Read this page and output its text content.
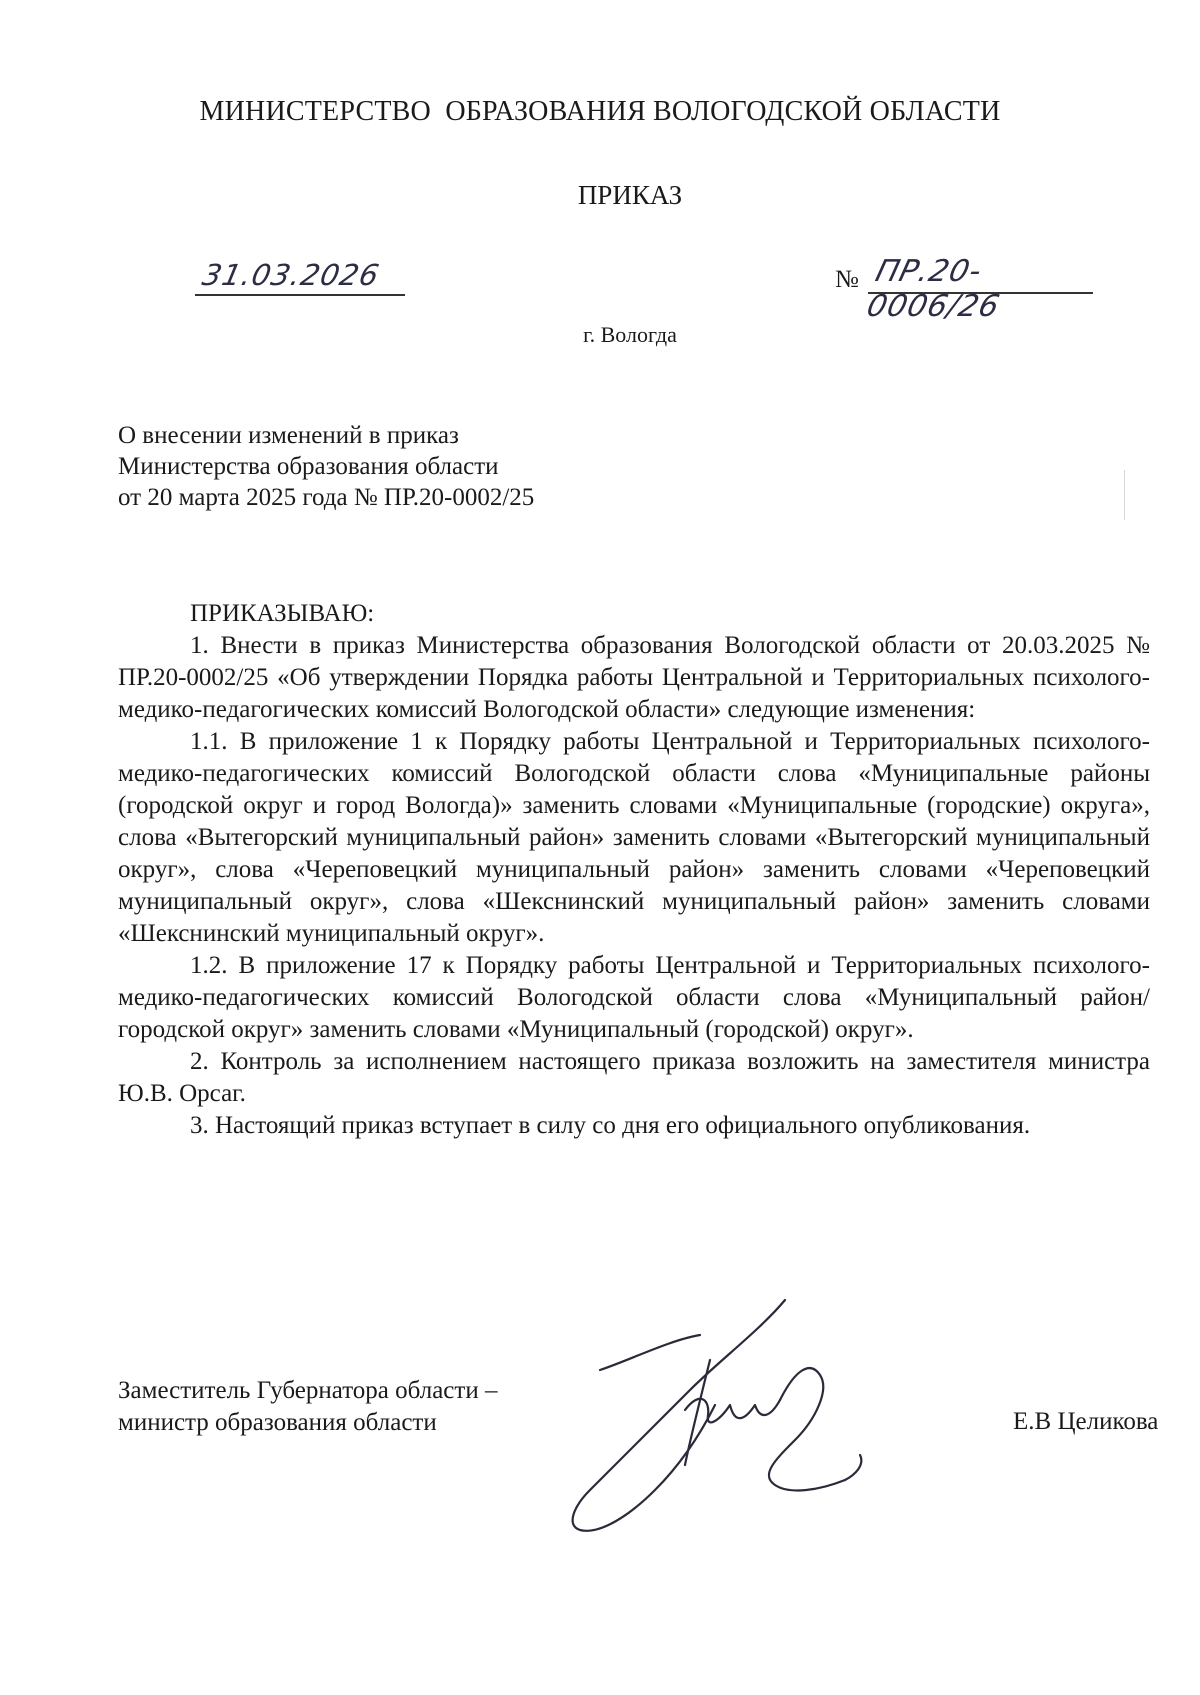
МИНИСТЕРСТВО  ОБРАЗОВАНИЯ ВОЛОГОДСКОЙ ОБЛАСТИ
ПРИКАЗ
31.03.2026	№ ПР.20-0006/26
г. Вологда
О внесении изменений в приказ
Министерства образования области
от 20 марта 2025 года № ПР.20-0002/25

ПРИКАЗЫВАЮ:

1. Внести в приказ Министерства образования Вологодской области от 20.03.2025 № ПР.20-0002/25 «Об утверждении Порядка работы Центральной и Территориальных психолого-медико-педагогических комиссий Вологодской области» следующие изменения:

1.1. В приложение 1 к Порядку работы Центральной и Территориальных психолого-медико-педагогических комиссий Вологодской области слова «Муниципальные районы (городской округ и город Вологда)» заменить словами «Муниципальные (городские) округа», слова «Вытегорский муниципальный район» заменить словами «Вытегорский муниципальный округ», слова «Череповецкий муниципальный район» заменить словами «Череповецкий муниципальный округ», слова «Шекснинский муниципальный район» заменить словами «Шекснинский муниципальный округ».

1.2. В приложение 17 к Порядку работы Центральной и Территориальных психолого-медико-педагогических комиссий Вологодской области слова «Муниципальный район/городской округ» заменить словами «Муниципальный (городской) округ».

2. Контроль за исполнением настоящего приказа возложить на заместителя министра Ю.В. Орсаг.

3. Настоящий приказ вступает в силу со дня его официального опубликования.

Заместитель Губернатора области –
министр образования области	Е.В Целикова
